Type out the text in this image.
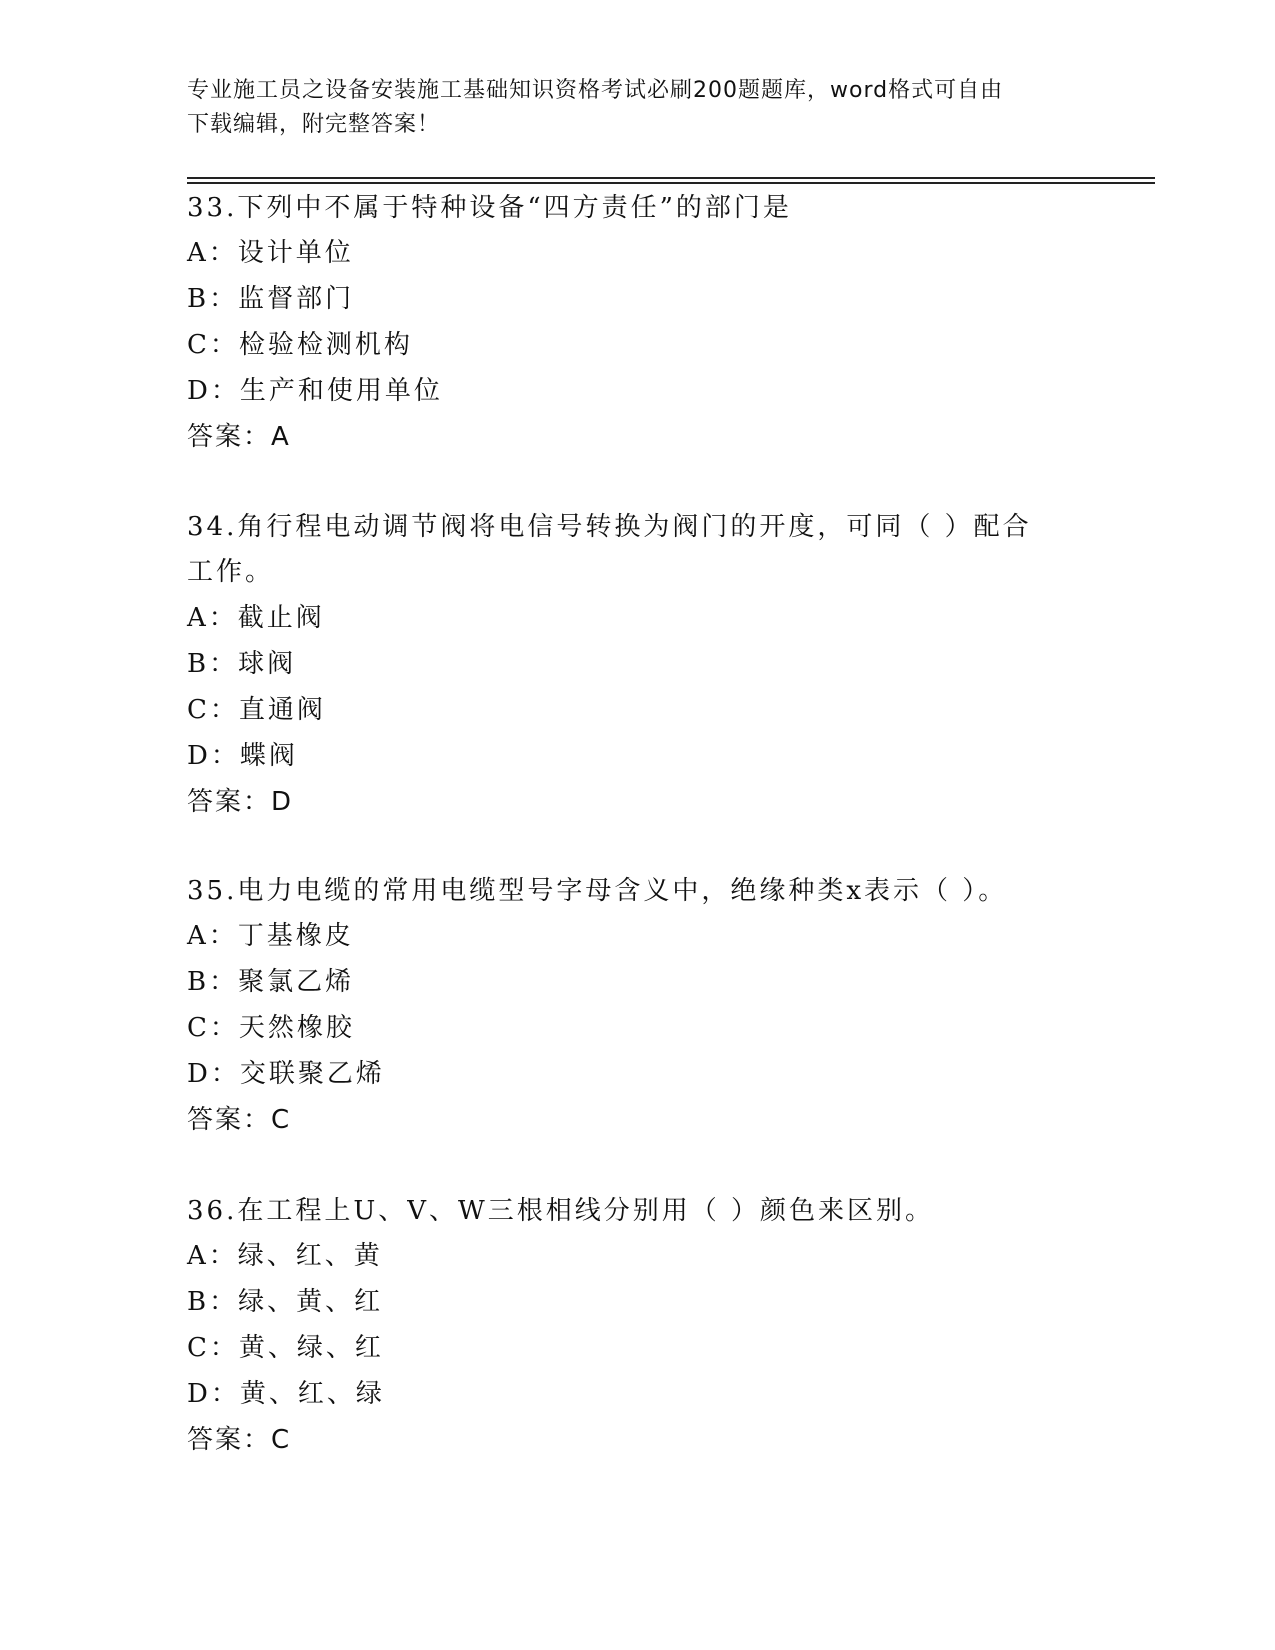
专业施工员之设备安装施工基础知识资格考试必刷200题题库，word格式可自由
下载编辑，附完整答案！
33.下列中不属于特种设备“四方责任”的部门是
A：设计单位
B：监督部门
C：检验检测机构
D：生产和使用单位
答案：A
34.角行程电动调节阀将电信号转换为阀门的开度，可同（ ）配合工作。
A：截止阀
B：球阀
C：直通阀
D：蝶阀
答案：D
35.电力电缆的常用电缆型号字母含义中，绝缘种类x表示（ ）。
A：丁基橡皮
B：聚氯乙烯
C：天然橡胶
D：交联聚乙烯
答案：C
36.在工程上U、V、W三根相线分别用（ ）颜色来区别。
A：绿、红、黄
B：绿、黄、红
C：黄、绿、红
D：黄、红、绿
答案：C
